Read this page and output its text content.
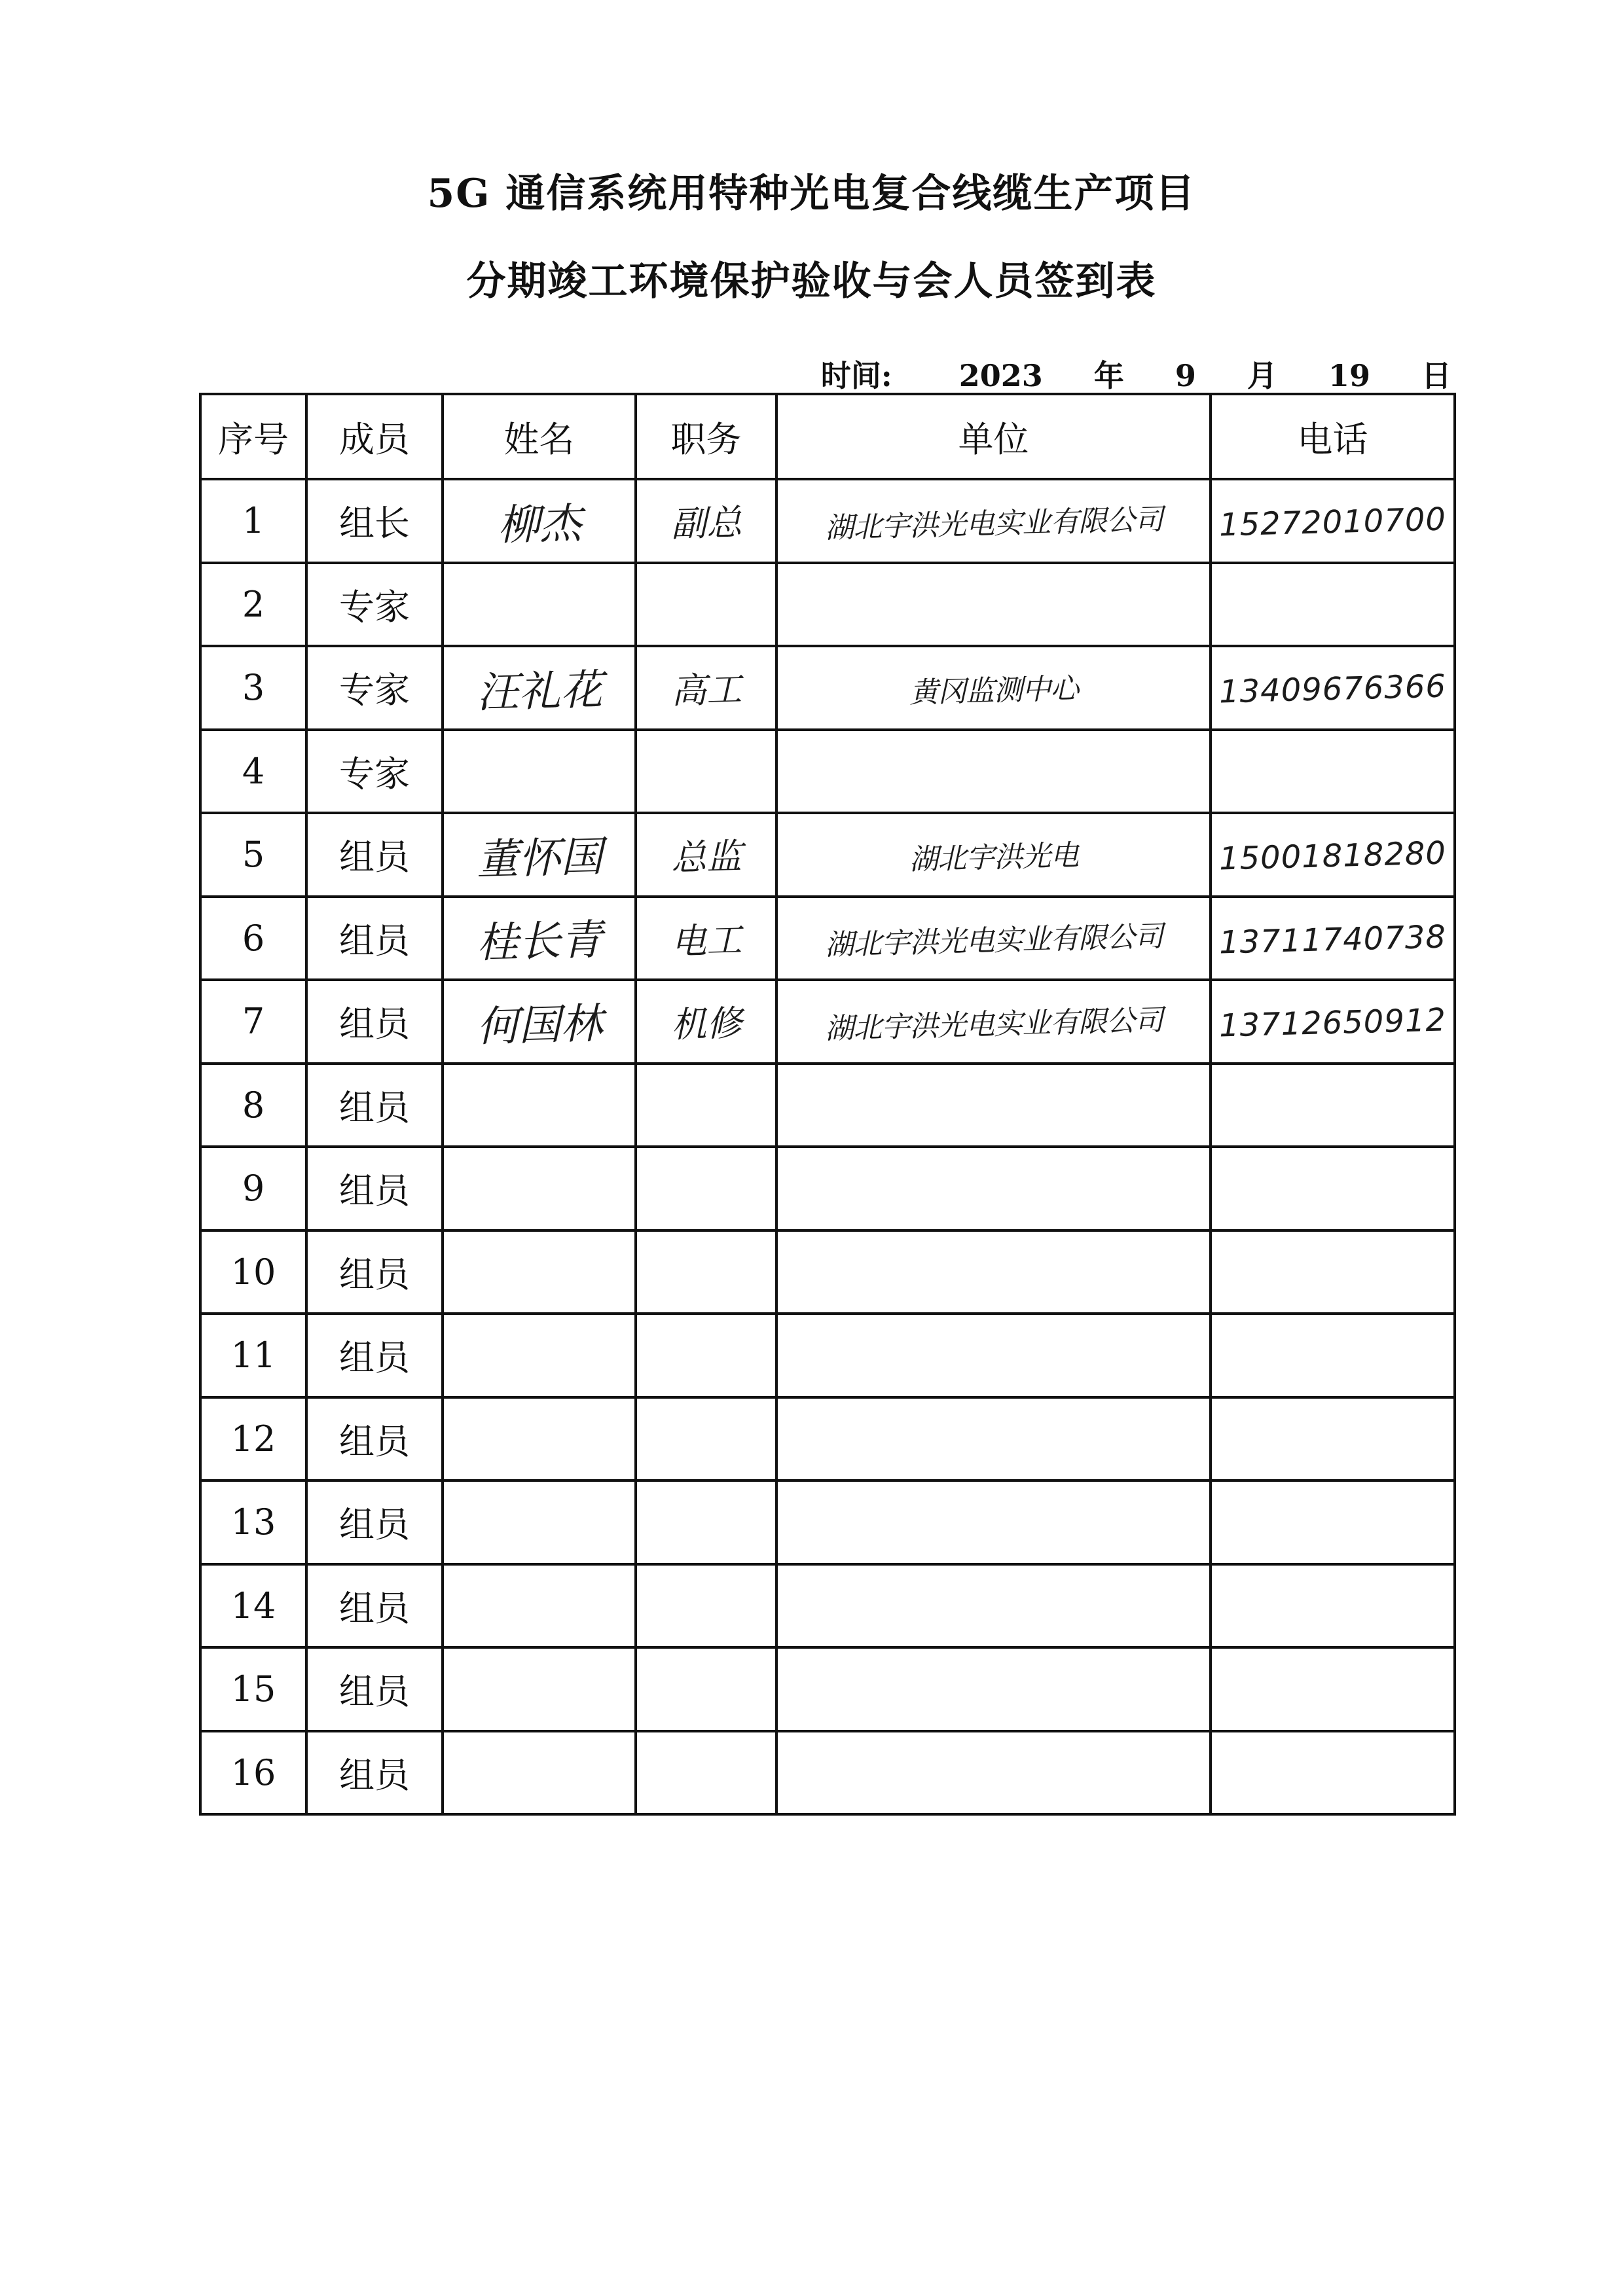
5G 通信系统用特种光电复合线缆生产项目
分期竣工环境保护验收与会人员签到表
时间: 2023 年 9 月 19 日
序号	成员	姓名	职务	单位	电话
1	组长	柳杰	副总	湖北宇洪光电实业有限公司	15272010700
2	专家				
3	专家	汪礼花	高工	黄冈监测中心	13409676366
4	专家				
5	组员	董怀国	总监	湖北宇洪光电	15001818280
6	组员	桂长青	电工	湖北宇洪光电实业有限公司	13711740738
7	组员	何国林	机修	湖北宇洪光电实业有限公司	13712650912
8	组员				
9	组员				
10	组员				
11	组员				
12	组员				
13	组员				
14	组员				
15	组员				
16	组员				
